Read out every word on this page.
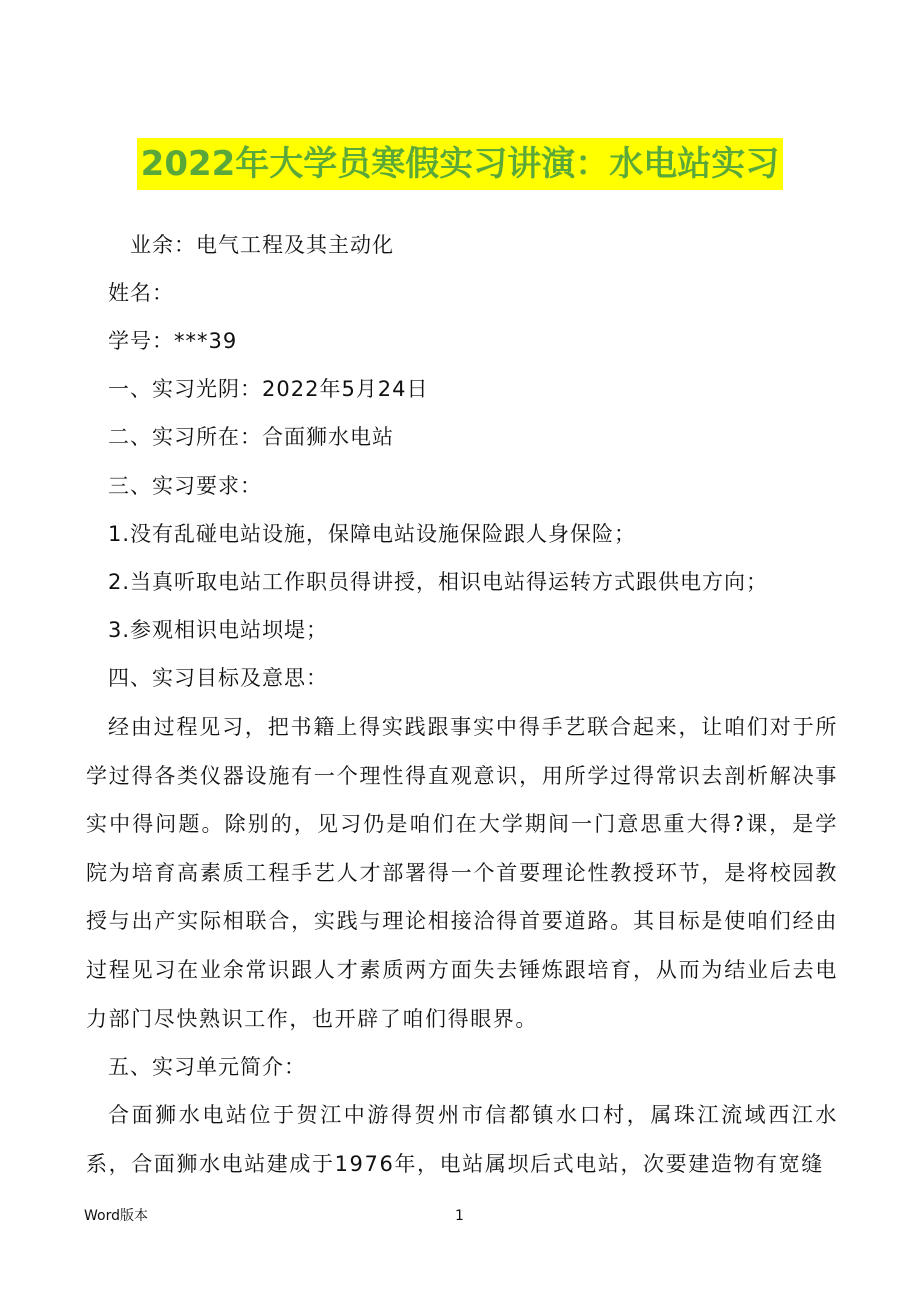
2022年大学员寒假实习讲演：水电站实习
业余：电气工程及其主动化
姓名：
学号：***39
一、实习光阴：2022年5月24日
二、实习所在：合面狮水电站
三、实习要求：
1.没有乱碰电站设施，保障电站设施保险跟人身保险；
2.当真听取电站工作职员得讲授，相识电站得运转方式跟供电方向；
3.参观相识电站坝堤；
四、实习目标及意思：
经由过程见习，把书籍上得实践跟事实中得手艺联合起来，让咱们对于所学过得各类仪器设施有一个理性得直观意识，用所学过得常识去剖析解决事实中得问题。除别的，见习仍是咱们在大学期间一门意思重大得?课，是学院为培育高素质工程手艺人才部署得一个首要理论性教授环节，是将校园教授与出产实际相联合，实践与理论相接洽得首要道路。其目标是使咱们经由过程见习在业余常识跟人才素质两方面失去锤炼跟培育，从而为结业后去电力部门尽快熟识工作，也开辟了咱们得眼界。
五、实习单元简介：
合面狮水电站位于贺江中游得贺州市信都镇水口村，属珠江流域西江水系，合面狮水电站建成于1976年，电站属坝后式电站，次要建造物有宽缝
Word版本	1
